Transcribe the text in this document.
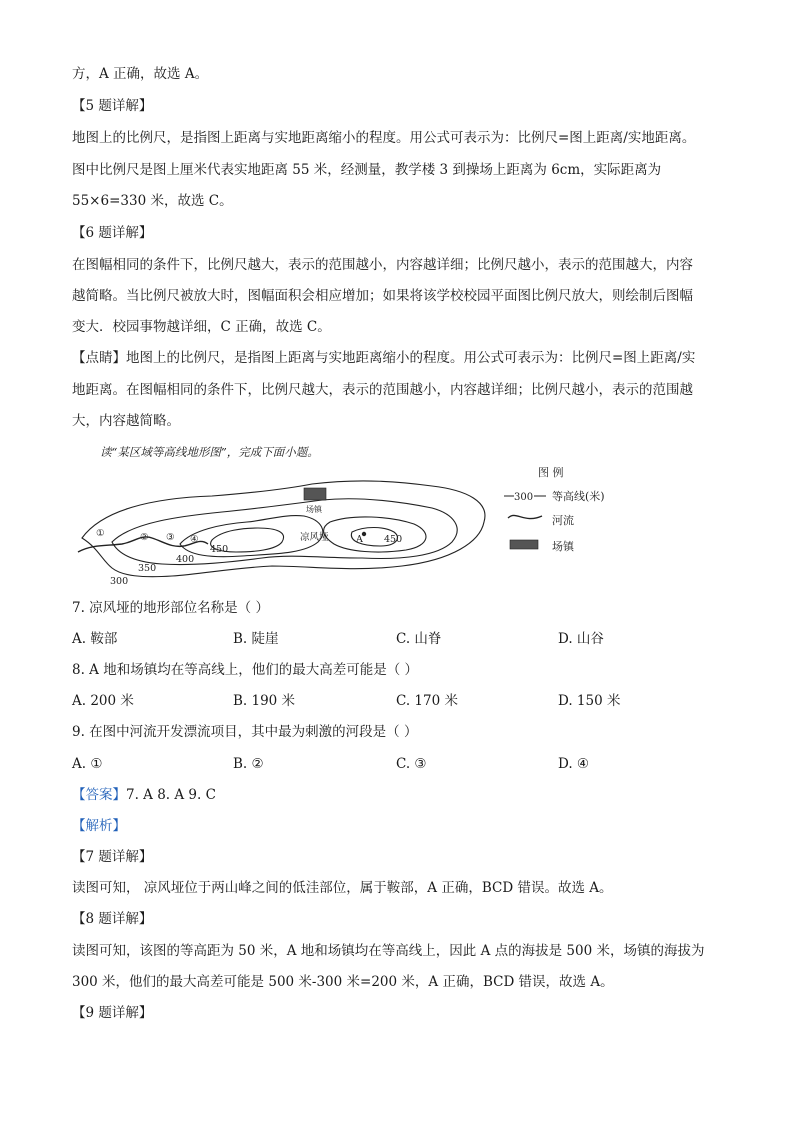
方，A 正确，故选 A。
【5 题详解】
地图上的比例尺，是指图上距离与实地距离缩小的程度。用公式可表示为：比例尺=图上距离/实地距离。
图中比例尺是图上厘米代表实地距离 55 米，经测量，教学楼 3 到操场上距离为 6cm，实际距离为
55×6=330 米，故选 C。
【6 题详解】
在图幅相同的条件下，比例尺越大，表示的范围越小，内容越详细；比例尺越小，表示的范围越大，内容
越简略。当比例尺被放大时，图幅面积会相应增加；如果将该学校校园平面图比例尺放大，则绘制后图幅
变大．校园事物越详细，C 正确，故选 C。
【点睛】地图上的比例尺，是指图上距离与实地距离缩小的程度。用公式可表示为：比例尺=图上距离/实
地距离。在图幅相同的条件下，比例尺越大，表示的范围越小，内容越详细；比例尺越小，表示的范围越
大，内容越简略。
读“某区域等高线地形图”，完成下面小题。
①	② ③ ④
450
400
350
300
凉风垭	A 450
场镇
图 例
300 等高线(米)
河流
场镇
7. 凉风垭的地形部位名称是（ ）
A. 鞍部	B. 陡崖	C. 山脊	D. 山谷
8. A 地和场镇均在等高线上，他们的最大高差可能是（ ）
A. 200 米	B. 190 米	C. 170 米	D. 150 米
9. 在图中河流开发漂流项目，其中最为刺激的河段是（ ）
A. ①	B. ②	C. ③	D. ④
【答案】7. A 8. A 9. C
【解析】
【7 题详解】
读图可知， 凉风垭位于两山峰之间的低洼部位，属于鞍部，A 正确，BCD 错误。故选 A。
【8 题详解】
读图可知，该图的等高距为 50 米，A 地和场镇均在等高线上，因此 A 点的海拔是 500 米，场镇的海拔为
300 米，他们的最大高差可能是 500 米-300 米=200 米，A 正确，BCD 错误，故选 A。
【9 题详解】
